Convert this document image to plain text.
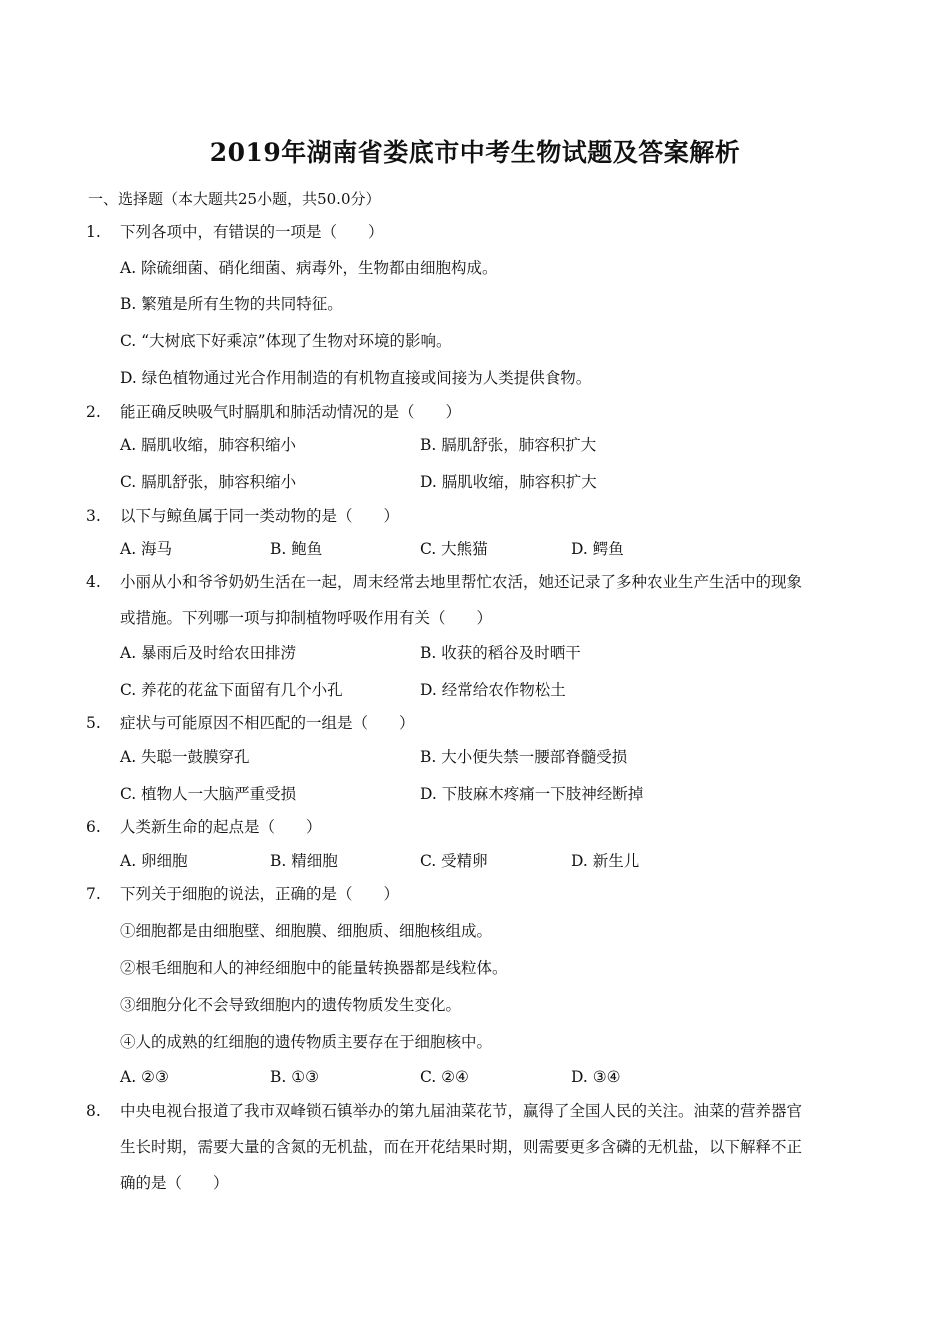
2019年湖南省娄底市中考生物试题及答案解析
一、选择题（本大题共25小题，共50.0分）
1. 下列各项中，有错误的一项是（　　）
A. 除硫细菌、硝化细菌、病毒外，生物都由细胞构成。
B. 繁殖是所有生物的共同特征。
C. “大树底下好乘凉”体现了生物对环境的影响。
D. 绿色植物通过光合作用制造的有机物直接或间接为人类提供食物。
2. 能正确反映吸气时膈肌和肺活动情况的是（　　）
A. 膈肌收缩，肺容积缩小	B. 膈肌舒张，肺容积扩大
C. 膈肌舒张，肺容积缩小	D. 膈肌收缩，肺容积扩大
3. 以下与鲸鱼属于同一类动物的是（　　）
A. 海马	B. 鲍鱼	C. 大熊猫	D. 鳄鱼
4. 小丽从小和爷爷奶奶生活在一起，周末经常去地里帮忙农活，她还记录了多种农业生产生活中的现象
或措施。下列哪一项与抑制植物呼吸作用有关（　　）
A. 暴雨后及时给农田排涝	B. 收获的稻谷及时晒干
C. 养花的花盆下面留有几个小孔	D. 经常给农作物松土
5. 症状与可能原因不相匹配的一组是（　　）
A. 失聪一鼓膜穿孔	B. 大小便失禁一腰部脊髓受损
C. 植物人一大脑严重受损	D. 下肢麻木疼痛一下肢神经断掉
6. 人类新生命的起点是（　　）
A. 卵细胞	B. 精细胞	C. 受精卵	D. 新生儿
7. 下列关于细胞的说法，正确的是（　　）
①细胞都是由细胞壁、细胞膜、细胞质、细胞核组成。
②根毛细胞和人的神经细胞中的能量转换器都是线粒体。
③细胞分化不会导致细胞内的遗传物质发生变化。
④人的成熟的红细胞的遗传物质主要存在于细胞核中。
A. ②③	B. ①③	C. ②④	D. ③④
8. 中央电视台报道了我市双峰锁石镇举办的第九届油菜花节，赢得了全国人民的关注。油菜的营养器官
生长时期，需要大量的含氮的无机盐，而在开花结果时期，则需要更多含磷的无机盐，以下解释不正
确的是（　　）
